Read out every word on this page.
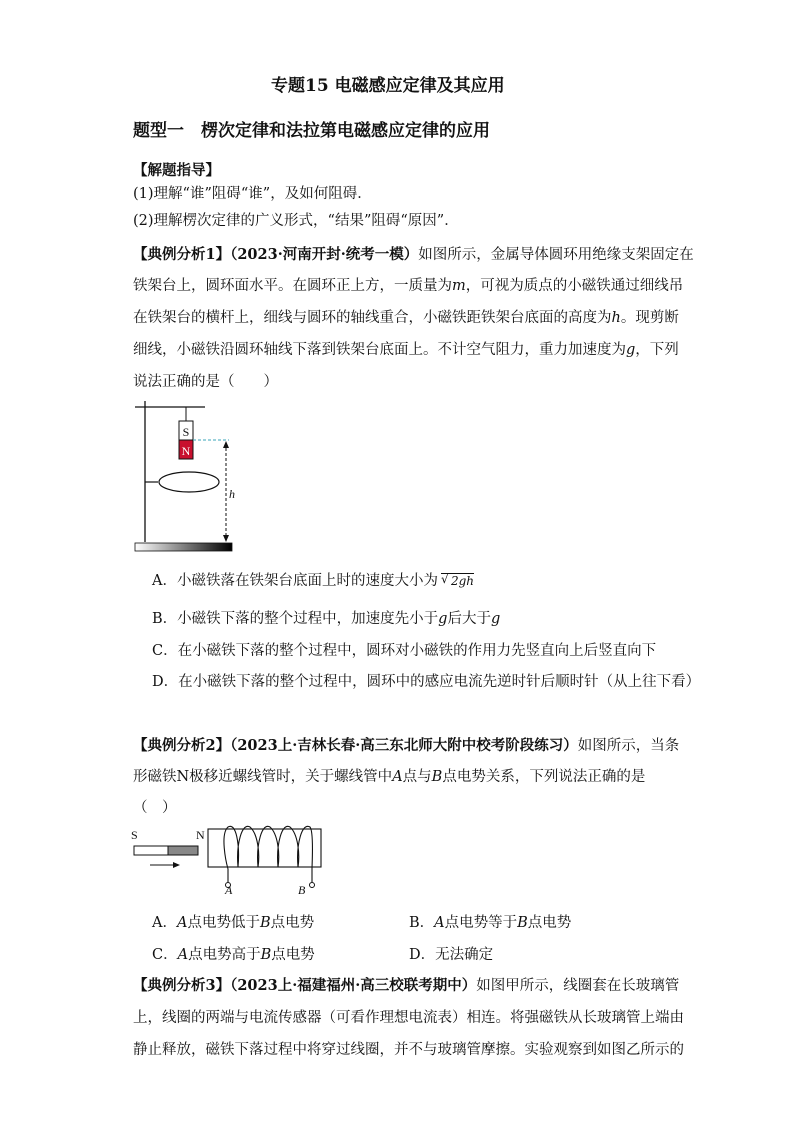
专题15 电磁感应定律及其应用
题型一　楞次定律和法拉第电磁感应定律的应用
【解题指导】
(1)理解“谁”阻碍“谁”，及如何阻碍．
(2)理解楞次定律的广义形式，“结果”阻碍“原因”．
【典例分析1】（2023·河南开封·统考一模）如图所示，金属导体圆环用绝缘支架固定在
铁架台上，圆环面水平。在圆环正上方，一质量为m，可视为质点的小磁铁通过细线吊
在铁架台的横杆上，细线与圆环的轴线重合，小磁铁距铁架台底面的高度为h。现剪断
细线，小磁铁沿圆环轴线下落到铁架台底面上。不计空气阻力，重力加速度为g，下列
说法正确的是（　　）
S
N
h
A．小磁铁落在铁架台底面上时的速度大小为 √ 2gh
B．小磁铁下落的整个过程中，加速度先小于g后大于g
C．在小磁铁下落的整个过程中，圆环对小磁铁的作用力先竖直向上后竖直向下
D．在小磁铁下落的整个过程中，圆环中的感应电流先逆时针后顺时针（从上往下看）
【典例分析2】（2023上·吉林长春·高三东北师大附中校考阶段练习）如图所示，当条
形磁铁N极移近螺线管时，关于螺线管中A点与B点电势关系，下列说法正确的是
（　）
S	N
A	B
A．A点电势低于B点电势	B．A点电势等于B点电势
C．A点电势高于B点电势	D．无法确定
【典例分析3】（2023上·福建福州·高三校联考期中）如图甲所示，线圈套在长玻璃管
上，线圈的两端与电流传感器（可看作理想电流表）相连。将强磁铁从长玻璃管上端由
静止释放，磁铁下落过程中将穿过线圈，并不与玻璃管摩擦。实验观察到如图乙所示的
